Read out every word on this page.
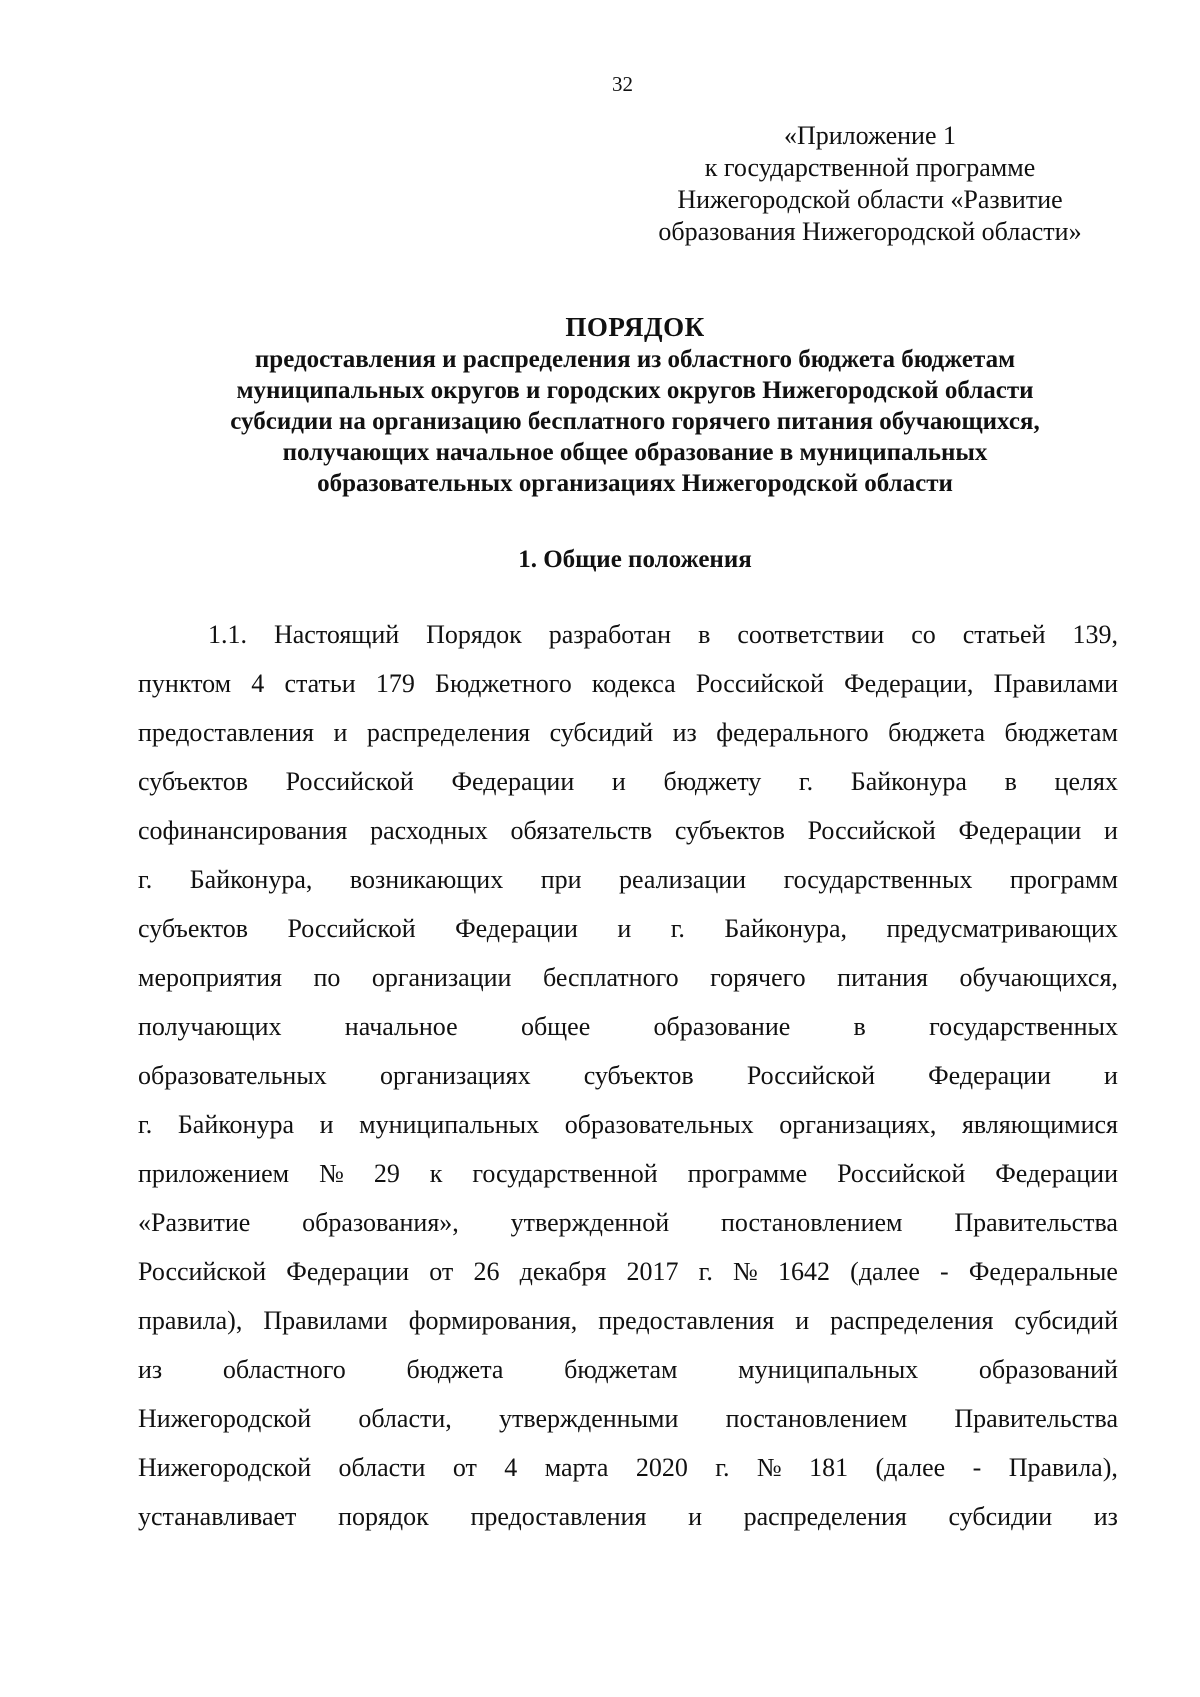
32
«Приложение 1
к государственной программе
Нижегородской области «Развитие
образования Нижегородской области»
ПОРЯДОК
предоставления и распределения из областного бюджета бюджетам
муниципальных округов и городских округов Нижегородской области
субсидии на организацию бесплатного горячего питания обучающихся,
получающих начальное общее образование в муниципальных
образовательных организациях Нижегородской области
1. Общие положения
1.1. Настоящий Порядок разработан в соответствии со статьей 139,
пунктом 4 статьи 179 Бюджетного кодекса Российской Федерации, Правилами
предоставления и распределения субсидий из федерального бюджета бюджетам
субъектов Российской Федерации и бюджету г. Байконура в целях
софинансирования расходных обязательств субъектов Российской Федерации и
г. Байконура, возникающих при реализации государственных программ
субъектов Российской Федерации и г. Байконура, предусматривающих
мероприятия по организации бесплатного горячего питания обучающихся,
получающих начальное общее образование в государственных
образовательных организациях субъектов Российской Федерации и
г. Байконура и муниципальных образовательных организациях, являющимися
приложением № 29 к государственной программе Российской Федерации
«Развитие образования», утвержденной постановлением Правительства
Российской Федерации от 26 декабря 2017 г. № 1642 (далее - Федеральные
правила), Правилами формирования, предоставления и распределения субсидий
из областного бюджета бюджетам муниципальных образований
Нижегородской области, утвержденными постановлением Правительства
Нижегородской области от 4 марта 2020 г. № 181 (далее - Правила),
устанавливает порядок предоставления и распределения субсидии из
